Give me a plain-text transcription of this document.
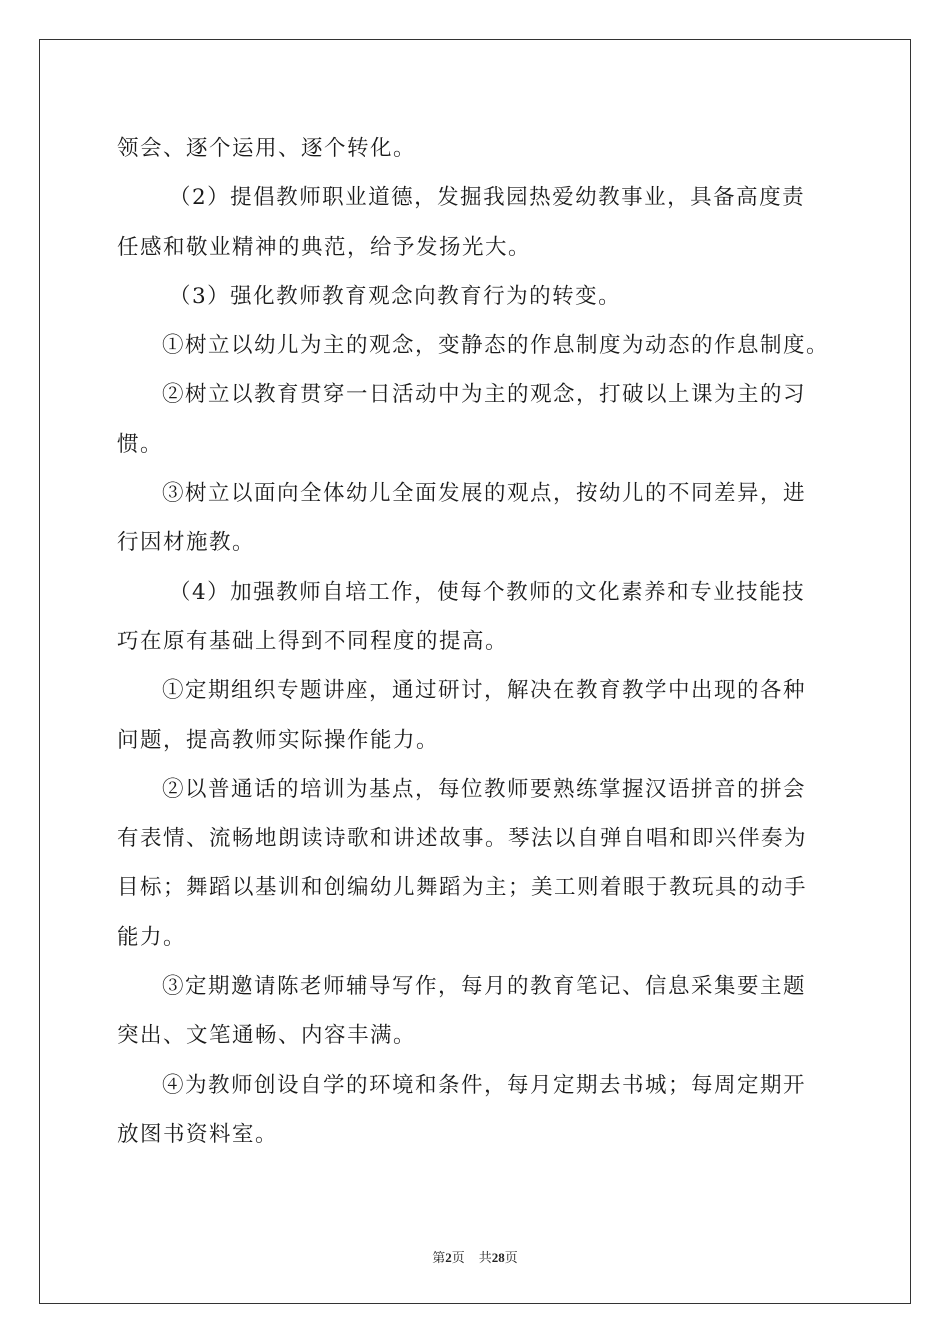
领会、逐个运用、逐个转化。
（2）提倡教师职业道德，发掘我园热爱幼教事业，具备高度责
任感和敬业精神的典范，给予发扬光大。
（3）强化教师教育观念向教育行为的转变。
①树立以幼儿为主的观念，变静态的作息制度为动态的作息制度。
②树立以教育贯穿一日活动中为主的观念，打破以上课为主的习
惯。
③树立以面向全体幼儿全面发展的观点，按幼儿的不同差异，进
行因材施教。
（4）加强教师自培工作，使每个教师的文化素养和专业技能技
巧在原有基础上得到不同程度的提高。
①定期组织专题讲座，通过研讨，解决在教育教学中出现的各种
问题，提高教师实际操作能力。
②以普通话的培训为基点，每位教师要熟练掌握汉语拼音的拼会
有表情、流畅地朗读诗歌和讲述故事。琴法以自弹自唱和即兴伴奏为
目标；舞蹈以基训和创编幼儿舞蹈为主；美工则着眼于教玩具的动手
能力。
③定期邀请陈老师辅导写作，每月的教育笔记、信息采集要主题
突出、文笔通畅、内容丰满。
④为教师创设自学的环境和条件，每月定期去书城；每周定期开
放图书资料室。
第2页 共28页
